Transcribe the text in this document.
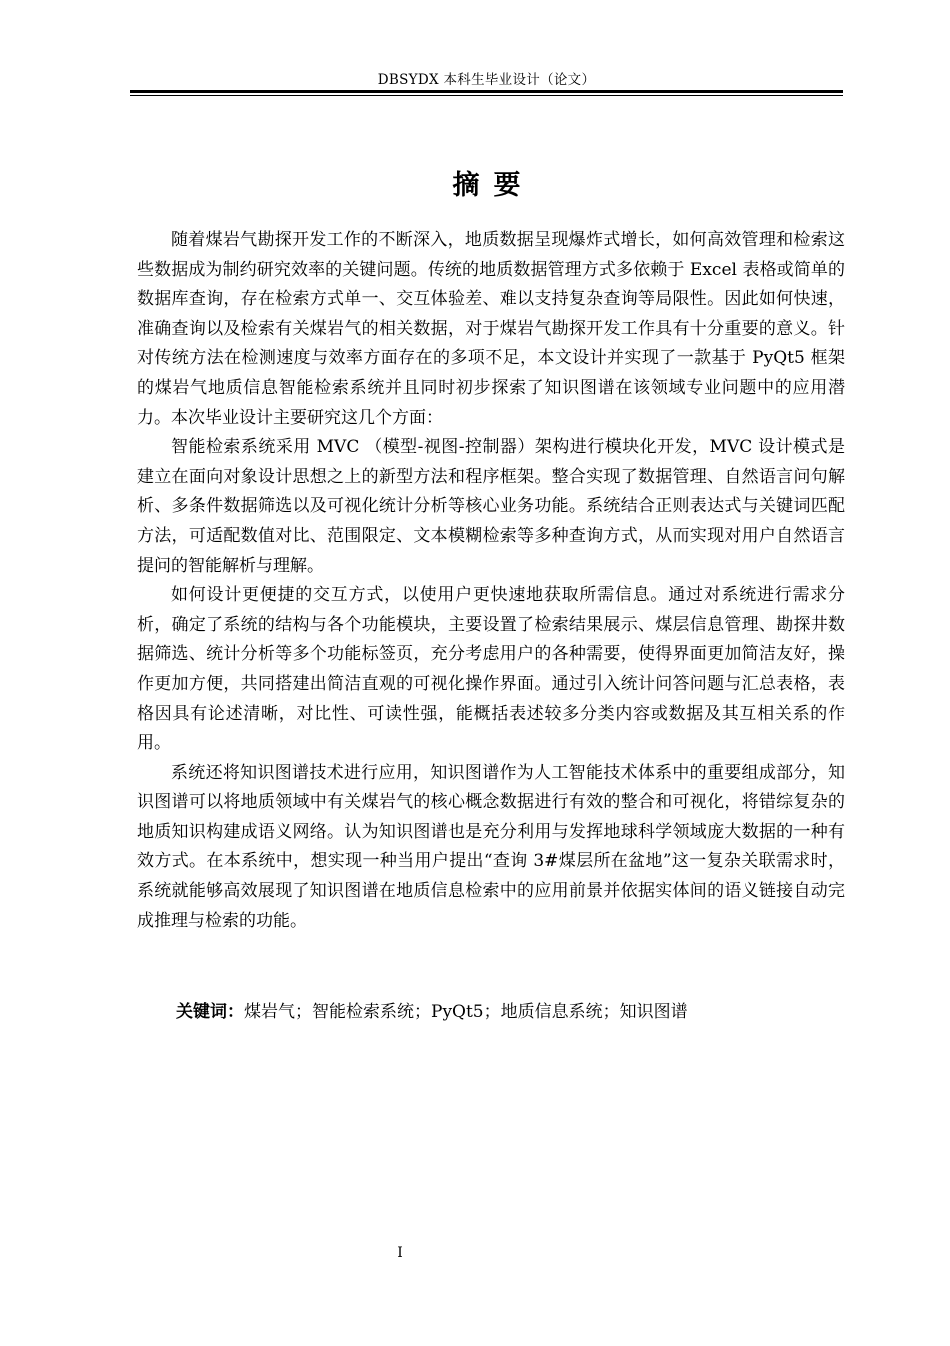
DBSYDX 本科生毕业设计（论文）
摘要

随着煤岩气勘探开发工作的不断深入，地质数据呈现爆炸式增长，如何高效管理和检索这些数据成为制约研究效率的关键问题。传统的地质数据管理方式多依赖于 Excel 表格或简单的数据库查询，存在检索方式单一、交互体验差、难以支持复杂查询等局限性。因此如何快速，准确查询以及检索有关煤岩气的相关数据，对于煤岩气勘探开发工作具有十分重要的意义。针对传统方法在检测速度与效率方面存在的多项不足，本文设计并实现了一款基于 PyQt5 框架的煤岩气地质信息智能检索系统并且同时初步探索了知识图谱在该领域专业问题中的应用潜力。本次毕业设计主要研究这几个方面：

智能检索系统采用 MVC （模型-视图-控制器）架构进行模块化开发，MVC 设计模式是建立在面向对象设计思想之上的新型方法和程序框架。整合实现了数据管理、自然语言问句解析、多条件数据筛选以及可视化统计分析等核心业务功能。系统结合正则表达式与关键词匹配方法，可适配数值对比、范围限定、文本模糊检索等多种查询方式，从而实现对用户自然语言提问的智能解析与理解。

如何设计更便捷的交互方式，以使用户更快速地获取所需信息。通过对系统进行需求分析，确定了系统的结构与各个功能模块，主要设置了检索结果展示、煤层信息管理、勘探井数据筛选、统计分析等多个功能标签页，充分考虑用户的各种需要，使得界面更加简洁友好，操作更加方便，共同搭建出简洁直观的可视化操作界面。通过引入统计问答问题与汇总表格，表格因具有论述清晰，对比性、可读性强，能概括表述较多分类内容或数据及其互相关系的作用。

系统还将知识图谱技术进行应用，知识图谱作为人工智能技术体系中的重要组成部分，知识图谱可以将地质领域中有关煤岩气的核心概念数据进行有效的整合和可视化，将错综复杂的地质知识构建成语义网络。认为知识图谱也是充分利用与发挥地球科学领域庞大数据的一种有效方式。在本系统中，想实现一种当用户提出“查询 3#煤层所在盆地”这一复杂关联需求时，系统就能够高效展现了知识图谱在地质信息检索中的应用前景并依据实体间的语义链接自动完成推理与检索的功能。

关键词：煤岩气；智能检索系统；PyQt5；地质信息系统；知识图谱
I
